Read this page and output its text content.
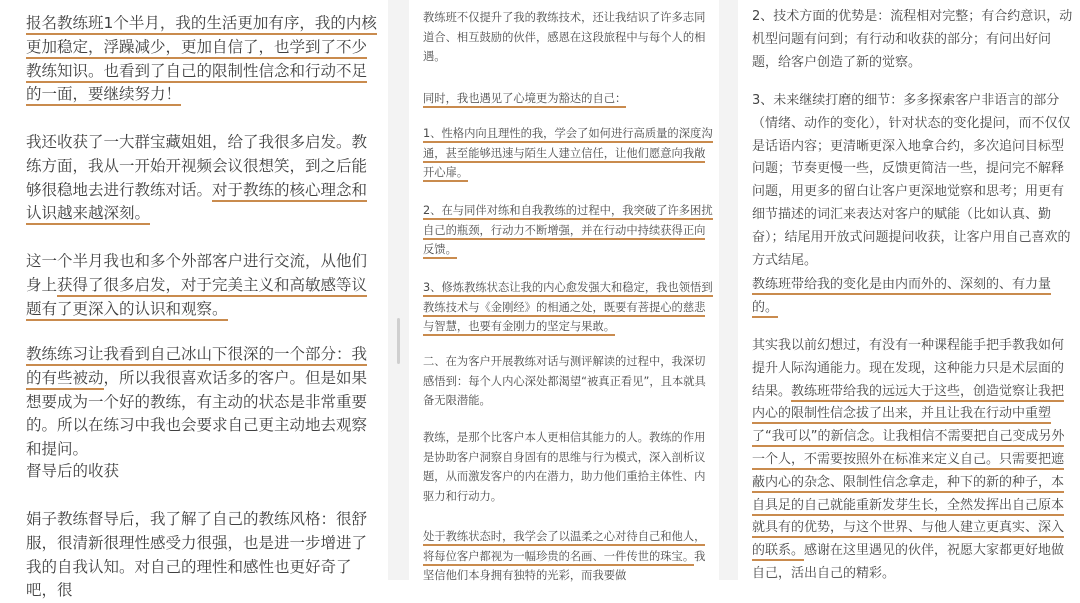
报名教练班1个半月，我的生活更加有序，我的内核更加稳定，浮躁减少，更加自信了，也学到了不少教练知识。也看到了自己的限制性信念和行动不足的一面，要继续努力！

我还收获了一大群宝藏姐姐，给了我很多启发。教练方面，我从一开始开视频会议很想笑，到之后能够很稳地去进行教练对话。对于教练的核心理念和认识越来越深刻。

这一个半月我也和多个外部客户进行交流，从他们身上获得了很多启发，对于完美主义和高敏感等议题有了更深入的认识和观察。

教练练习让我看到自己冰山下很深的一个部分：我的有些被动，所以我很喜欢话多的客户。但是如果想要成为一个好的教练，有主动的状态是非常重要的。所以在练习中我也会要求自己更主动地去观察和提问。

督导后的收获

娟子教练督导后，我了解了自己的教练风格：很舒服，很清新很理性感受力很强，也是进一步增进了我的自我认知。对自己的理性和感性也更好奇了吧，很

教练班不仅提升了我的教练技术，还让我结识了许多志同道合、相互鼓励的伙伴，感恩在这段旅程中与每个人的相遇。

同时，我也遇见了心境更为豁达的自己：

1、性格内向且理性的我，学会了如何进行高质量的深度沟通，甚至能够迅速与陌生人建立信任，让他们愿意向我敞开心扉。

2、在与同伴对练和自我教练的过程中，我突破了许多困扰自己的瓶颈，行动力不断增强，并在行动中持续获得正向反馈。

3、修炼教练状态让我的内心愈发强大和稳定，我也领悟到教练技术与《金刚经》的相通之处，既要有菩提心的慈悲与智慧，也要有金刚力的坚定与果敢。

二、在为客户开展教练对话与测评解读的过程中，我深切感悟到：每个人内心深处都渴望“被真正看见”，且本就具备无限潜能。

教练，是那个比客户本人更相信其能力的人。教练的作用是协助客户洞察自身固有的思维与行为模式，深入剖析议题，从而激发客户的内在潜力，助力他们重拾主体性、内驱力和行动力。

处于教练状态时，我学会了以温柔之心对待自己和他人，将每位客户都视为一幅珍贵的名画、一件传世的珠宝。我坚信他们本身拥有独特的光彩，而我要做

2、技术方面的优势是：流程相对完整；有合约意识，动机型问题有问到；有行动和收获的部分；有问出好问题，给客户创造了新的觉察。

3、未来继续打磨的细节：多多探索客户非语言的部分（情绪、动作的变化），针对状态的变化提问，而不仅仅是话语内容；更清晰更深入地拿合约，多次追问目标型问题；节奏更慢一些，反馈更简洁一些，提问完不解释问题，用更多的留白让客户更深地觉察和思考；用更有细节描述的词汇来表达对客户的赋能（比如认真、勤奋）；结尾用开放式问题提问收获，让客户用自己喜欢的方式结尾。

教练班带给我的变化是由内而外的、深刻的、有力量的。

其实我以前幻想过，有没有一种课程能手把手教我如何提升人际沟通能力。现在发现，这种能力只是术层面的结果。教练班带给我的远远大于这些，创造觉察让我把内心的限制性信念拔了出来，并且让我在行动中重塑了“我可以”的新信念。让我相信不需要把自己变成另外一个人，不需要按照外在标准来定义自己。只需要把遮蔽内心的杂念、限制性信念拿走，种下的新的种子，本自具足的自己就能重新发芽生长，全然发挥出自己原本就具有的优势，与这个世界、与他人建立更真实、深入的联系。感谢在这里遇见的伙伴，祝愿大家都更好地做自己，活出自己的精彩。
